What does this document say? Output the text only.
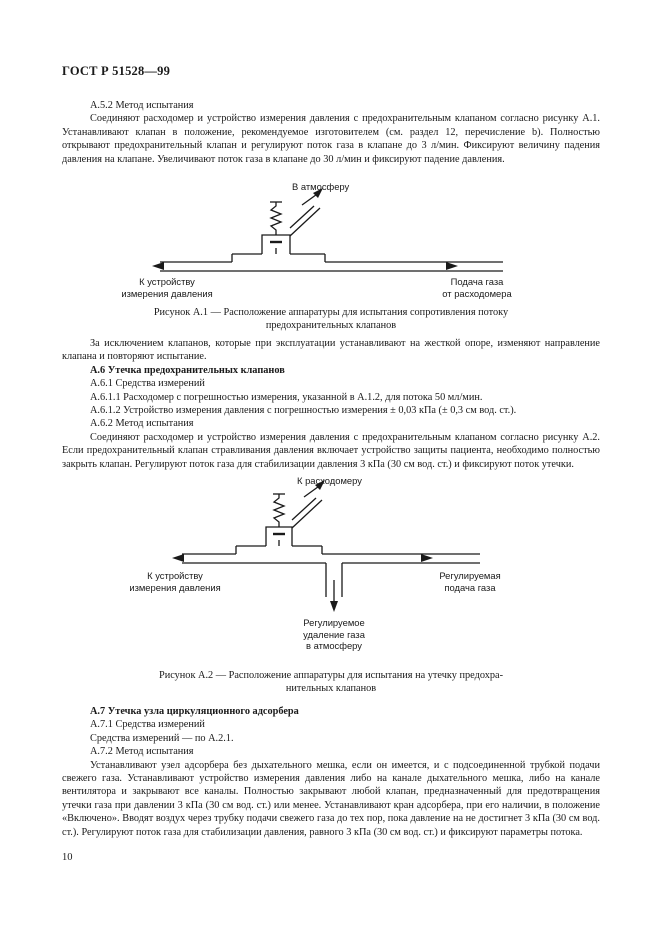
ГОСТ Р 51528—99

А.5.2 Метод испытания

Соединяют расходомер и устройство измерения давления с предохранительным клапаном согласно рисунку А.1. Устанавливают клапан в положение, рекомендуемое изготовителем (см. раздел 12, перечисление b). Полностью открывают предохранительный клапан и регулируют поток газа в клапане до 3 л/мин. Фиксируют величину падения давления на клапане. Увеличивают поток газа в клапане до 30 л/мин и фиксируют падение давления.

В атмосферу
К устройству
измерения давления
Подача газа
от расходомера
Рисунок А.1 — Расположение аппаратуры для испытания сопротивления потоку
предохранительных клапанов

За исключением клапанов, которые при эксплуатации устанавливают на жесткой опоре, изменяют направление клапана и повторяют испытание.

А.6 Утечка предохранительных клапанов

А.6.1 Средства измерений

А.6.1.1 Расходомер с погрешностью измерения, указанной в А.1.2, для потока 50 мл/мин.

А.6.1.2 Устройство измерения давления с погрешностью измерения ± 0,03 кПа (± 0,3 см вод. ст.).

А.6.2 Метод испытания

Соединяют расходомер и устройство измерения давления с предохранительным клапаном согласно рисунку А.2. Если предохранительный клапан стравливания давления включает устройство защиты пациента, необходимо полностью закрыть клапан. Регулируют поток газа для стабилизации давления 3 кПа (30 см вод. ст.) и фиксируют поток утечки.

К расходомеру
К устройству
измерения давления
Регулируемая
подача газа
Регулируемое
удаление газа
в атмосферу
Рисунок А.2 — Расположение аппаратуры для испытания на утечку предохра-
нительных клапанов

А.7 Утечка узла циркуляционного адсорбера

А.7.1 Средства измерений

Средства измерений — по А.2.1.

А.7.2 Метод испытания

Устанавливают узел адсорбера без дыхательного мешка, если он имеется, и с подсоединенной трубкой подачи свежего газа. Устанавливают устройство измерения давления либо на канале дыхательного мешка, либо на канале вентилятора и закрывают все каналы. Полностью закрывают любой клапан, предназначенный для предотвращения утечки газа при давлении 3 кПа (30 см вод. ст.) или менее. Устанавливают кран адсорбера, при его наличии, в положение «Включено». Вводят воздух через трубку подачи свежего газа до тех пор, пока давление на не достигнет 3 кПа (30 см вод. ст.). Регулируют поток газа для стабилизации давления, равного 3 кПа (30 см вод. ст.) и фиксируют параметры потока.

10
